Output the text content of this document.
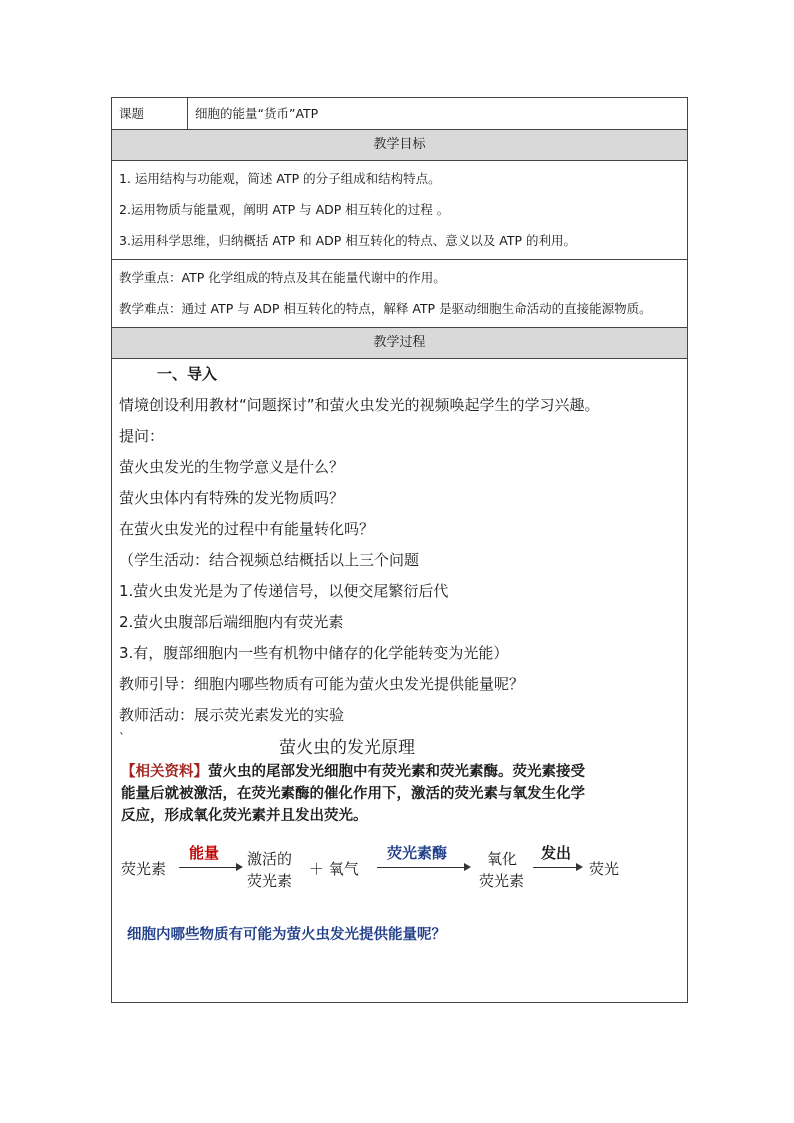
课题	细胞的能量“货币”ATP
教学目标

1. 运用结构与功能观，简述 ATP 的分子组成和结构特点。

2.运用物质与能量观，阐明 ATP 与 ADP 相互转化的过程 。

3.运用科学思维，归纳概括 ATP 和 ADP 相互转化的特点、意义以及 ATP 的利用。

教学重点：ATP 化学组成的特点及其在能量代谢中的作用。

教学难点：通过 ATP 与 ADP 相互转化的特点，解释 ATP 是驱动细胞生命活动的直接能源物质。

教学过程

一、导入

情境创设利用教材“问题探讨”和萤火虫发光的视频唤起学生的学习兴趣。

提问：

萤火虫发光的生物学意义是什么？

萤火虫体内有特殊的发光物质吗？

在萤火虫发光的过程中有能量转化吗？

（学生活动：结合视频总结概括以上三个问题

1.萤火虫发光是为了传递信号，以便交尾繁衍后代

2.萤火虫腹部后端细胞内有荧光素

3.有，腹部细胞内一些有机物中储存的化学能转变为光能）

教师引导：细胞内哪些物质有可能为萤火虫发光提供能量呢？

教师活动：展示荧光素发光的实验

`	萤火虫的发光原理
【相关资料】萤火虫的尾部发光细胞中有荧光素和荧光素酶。荧光素接受能量后就被激活，在荧光素酶的催化作用下，激活的荧光素与氧发生化学反应，形成氧化荧光素并且发出荧光。
荧光素
能量 激活的
荧光素
＋ 氧气
荧光素酶	氧化
荧光素
发出
荧光
细胞内哪些物质有可能为萤火虫发光提供能量呢？
